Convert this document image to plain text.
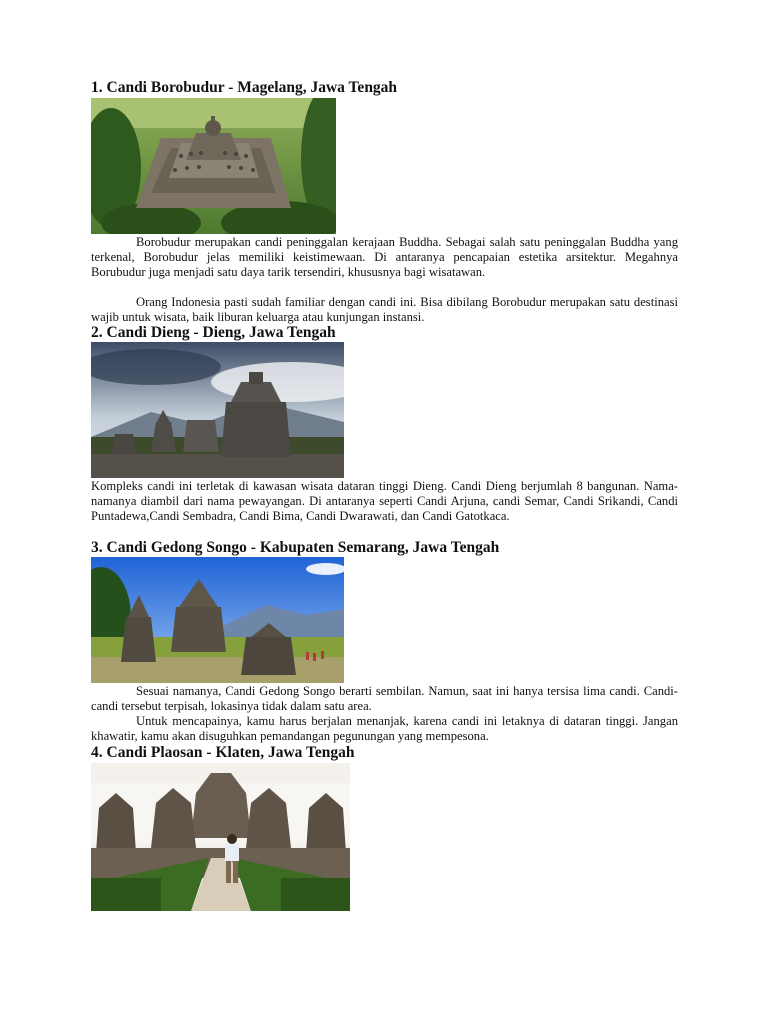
1. Candi Borobudur - Magelang, Jawa Tengah

Borobudur merupakan candi peninggalan kerajaan Buddha. Sebagai salah satu peninggalan Buddha yang terkenal, Borobudur jelas memiliki keistimewaan. Di antaranya pencapaian estetika arsitektur. Megahnya Borubudur juga menjadi satu daya tarik tersendiri, khususnya bagi wisatawan.

Orang Indonesia pasti sudah familiar dengan candi ini. Bisa dibilang Borobudur merupakan satu destinasi wajib untuk wisata, baik liburan keluarga atau kunjungan instansi.

2. Candi Dieng - Dieng, Jawa Tengah

Kompleks candi ini terletak di kawasan wisata dataran tinggi Dieng. Candi Dieng berjumlah 8 bangunan. Nama-namanya diambil dari nama pewayangan. Di antaranya seperti Candi Arjuna, candi Semar, Candi Srikandi, Candi Puntadewa,Candi Sembadra, Candi Bima, Candi Dwarawati, dan Candi Gatotkaca.

3. Candi Gedong Songo - Kabupaten Semarang, Jawa Tengah

Sesuai namanya, Candi Gedong Songo berarti sembilan. Namun, saat ini hanya tersisa lima candi. Candi-candi tersebut terpisah, lokasinya tidak dalam satu area.

Untuk mencapainya, kamu harus berjalan menanjak, karena candi ini letaknya di dataran tinggi. Jangan khawatir, kamu akan disuguhkan pemandangan pegunungan yang mempesona.

4. Candi Plaosan - Klaten, Jawa Tengah
